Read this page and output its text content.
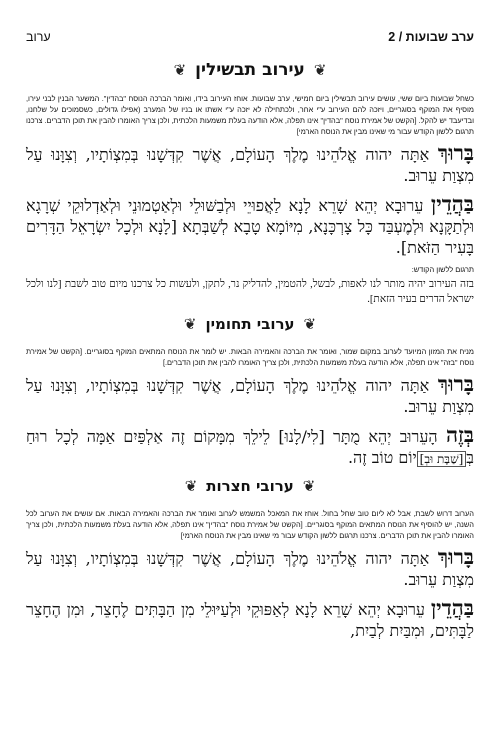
ערב שבועות / 2
ערוב
❦
עירוב תבשילין
❦

כשחל שבועות ביום ששי, עושים עירוב תבשילין ביום חמישי, ערב שבועות. אוחז העירוב בידו, ואומר הברכה הנוסח "בהדין". המשער הבנין לבני עירו, מוסיף את המוקף בסוגריים, ויזכה להם העירוב ע"י אחר, ולכתחילה לא יזכה ע"י אשתו או בניו של המערב (אפילו גדולים, כשסמוכים על שלחנו, ובדיעבד יש להקל. [הקשט של אמירת נוסח "בהדין" אינו תפלה, אלא הודעה בעלת משמעות הלכתית, ולכן צריך האומרו להבין את תוכן הדברים. צרכנו תרגום ללשון הקודש עבור מי שאינו מבין את הנוסח הארמי]

בָּרוּךְ אַתָּה יהוה אֱלֹהֵינוּ מֶלֶךְ הָעוֹלָם, אֲשֶׁר קִדְּשָׁנוּ בְּמִצְוֹתָיו, וְצִוָּנוּ עַל מִצְוַת עֵרוּב.

בַּהֲדֵין עֵרוּבָא יְהֵא שָׁרֵא לָנָא לַאֲפוּיֵי וּלְבַשּׁוּלֵי וּלְאַטְמוּנֵי וּלְאַדְלוּקֵי שְׁרָגָא וּלְתַקָּנָא וּלְמֶעְבַּד כָּל צָרְכָּנָא, מִיּוֹמָא טָבָא לְשַׁבְּתָא [לָנָא וּלְכָל יִשְׂרָאֵל הַדָּרִים בָּעִיר הַזֹּאת].

תרגום ללשון הקודש:

בזה העירוב יהיה מותר לנו לאפות, לבשל, להטמין, להדליק נר, לתקן, ולעשות כל צרכנו מיום טוב לשבת [לנו ולכל ישראל הדרים בעיר הזאת].

❦
ערובי תחומין
❦

מניח את המזון המיועד לערוב במקום שמור, ואומר את הברכה והאמירה הבאות. יש לומר את הנוסח המתאים המוקף בסוגריים. [הקשט של אמירת נוסח "בזה" אינו תפלה, אלא הודעה בעלת משמעות הלכתית, ולכן צריך האומרו להבין את תוכן הדברים.]

בָּרוּךְ אַתָּה יהוה אֱלֹהֵינוּ מֶלֶךְ הָעוֹלָם, אֲשֶׁר קִדְּשָׁנוּ בְּמִצְוֹתָיו, וְצִוָּנוּ עַל מִצְוַת עֵרוּב.

בְּזֶה הָעֵרוּב יְהֵא מֻתָּר [לִי/לָנוּ] לֵילֵךְ מִמָּקוֹם זֶה אַלְפַּיִם אַמָּה לְכָל רוּחַ בְּ[שַׁבָּת וּבְ]יוֹם טוֹב זֶה.

❦
ערובי חצרות
❦

הערוב דרוש לשבת, אבל לא ליום טוב שחל בחול. אוחז את המאכל המשמש לערוב ואומר את הברכה והאמירה הבאות. אם עושים את הערוב לכל השנה, יש להוסיף את הנוסח המתאים המוקף בסוגריים. [הקשט של אמירת נוסח "בהדין" אינו תפלה, אלא הודעה בעלת משמעות הלכתית, ולכן צריך האומרו להבין את תוכן הדברים. צרכנו תרגום ללשון הקודש עבור מי שאינו מבין את הנוסח הארמי]

בָּרוּךְ אַתָּה יהוה אֱלֹהֵינוּ מֶלֶךְ הָעוֹלָם, אֲשֶׁר קִדְּשָׁנוּ בְּמִצְוֹתָיו, וְצִוָּנוּ עַל מִצְוַת עֵרוּב.

בַּהֲדֵין עֵרוּבָא יְהֵא שָׁרֵא לָנָא לְאַפּוּקֵי וּלְעַיּוּלֵי מִן הַבָּתִּים לֶחָצֵר, וּמִן הֶחָצֵר לַבָּתִּים, וּמִבַּיִת לְבַיִת,
